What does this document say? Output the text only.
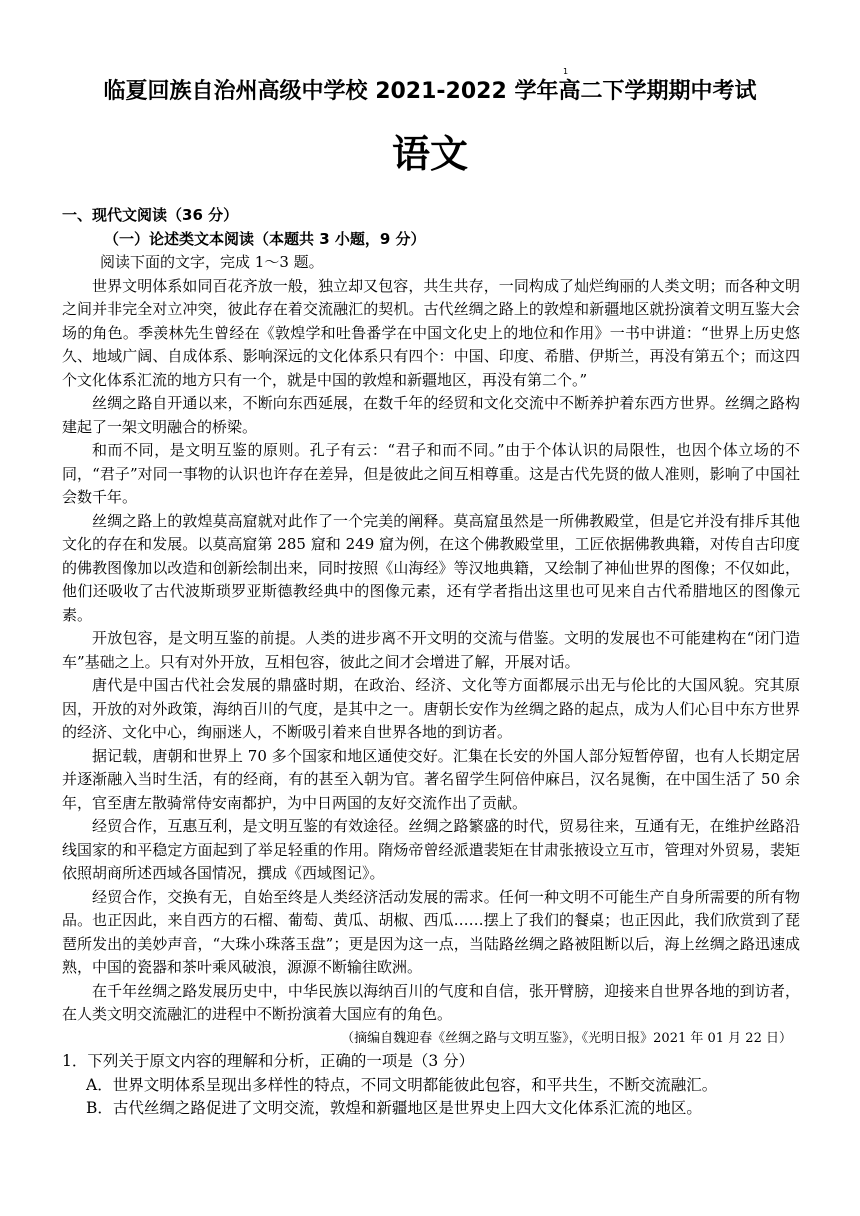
1
临夏回族自治州高级中学校 2021-2022 学年高二下学期期中考试
语文

一、现代文阅读（36 分）

（一）论述类文本阅读（本题共 3 小题，9 分）

阅读下面的文字，完成 1～3 题。

世界文明体系如同百花齐放一般，独立却又包容，共生共存，一同构成了灿烂绚丽的人类文明；而各种文明之间并非完全对立冲突，彼此存在着交流融汇的契机。古代丝绸之路上的敦煌和新疆地区就扮演着文明互鉴大会场的角色。季羡林先生曾经在《敦煌学和吐鲁番学在中国文化史上的地位和作用》一书中讲道：“世界上历史悠久、地域广阔、自成体系、影响深远的文化体系只有四个：中国、印度、希腊、伊斯兰，再没有第五个；而这四个文化体系汇流的地方只有一个，就是中国的敦煌和新疆地区，再没有第二个。”

丝绸之路自开通以来，不断向东西延展，在数千年的经贸和文化交流中不断养护着东西方世界。丝绸之路构建起了一架文明融合的桥梁。

和而不同，是文明互鉴的原则。孔子有云：“君子和而不同。”由于个体认识的局限性，也因个体立场的不同，“君子”对同一事物的认识也许存在差异，但是彼此之间互相尊重。这是古代先贤的做人准则，影响了中国社会数千年。

丝绸之路上的敦煌莫高窟就对此作了一个完美的阐释。莫高窟虽然是一所佛教殿堂，但是它并没有排斥其他文化的存在和发展。以莫高窟第 285 窟和 249 窟为例，在这个佛教殿堂里，工匠依据佛教典籍，对传自古印度的佛教图像加以改造和创新绘制出来，同时按照《山海经》等汉地典籍，又绘制了神仙世界的图像；不仅如此，他们还吸收了古代波斯琐罗亚斯德教经典中的图像元素，还有学者指出这里也可见来自古代希腊地区的图像元素。

开放包容，是文明互鉴的前提。人类的进步离不开文明的交流与借鉴。文明的发展也不可能建构在“闭门造车”基础之上。只有对外开放，互相包容，彼此之间才会增进了解，开展对话。

唐代是中国古代社会发展的鼎盛时期，在政治、经济、文化等方面都展示出无与伦比的大国风貌。究其原因，开放的对外政策，海纳百川的气度，是其中之一。唐朝长安作为丝绸之路的起点，成为人们心目中东方世界的经济、文化中心，绚丽迷人，不断吸引着来自世界各地的到访者。

据记载，唐朝和世界上 70 多个国家和地区通使交好。汇集在长安的外国人部分短暂停留，也有人长期定居并逐渐融入当时生活，有的经商，有的甚至入朝为官。著名留学生阿倍仲麻吕，汉名晁衡，在中国生活了 50 余年，官至唐左散骑常侍安南都护，为中日两国的友好交流作出了贡献。

经贸合作，互惠互利，是文明互鉴的有效途径。丝绸之路繁盛的时代，贸易往来，互通有无，在维护丝路沿线国家的和平稳定方面起到了举足轻重的作用。隋炀帝曾经派遣裴矩在甘肃张掖设立互市，管理对外贸易，裴矩依照胡商所述西域各国情况，撰成《西域图记》。

经贸合作，交换有无，自始至终是人类经济活动发展的需求。任何一种文明不可能生产自身所需要的所有物品。也正因此，来自西方的石榴、葡萄、黄瓜、胡椒、西瓜……摆上了我们的餐桌；也正因此，我们欣赏到了琵琶所发出的美妙声音，“大珠小珠落玉盘”；更是因为这一点，当陆路丝绸之路被阻断以后，海上丝绸之路迅速成熟，中国的瓷器和茶叶乘风破浪，源源不断输往欧洲。

在千年丝绸之路发展历史中，中华民族以海纳百川的气度和自信，张开臂膀，迎接来自世界各地的到访者，在人类文明交流融汇的进程中不断扮演着大国应有的角色。

（摘编自魏迎春《丝绸之路与文明互鉴》，《光明日报》2021 年 01 月 22 日）

1．下列关于原文内容的理解和分析，正确的一项是（3 分）

A．世界文明体系呈现出多样性的特点，不同文明都能彼此包容，和平共生，不断交流融汇。

B．古代丝绸之路促进了文明交流，敦煌和新疆地区是世界史上四大文化体系汇流的地区。
